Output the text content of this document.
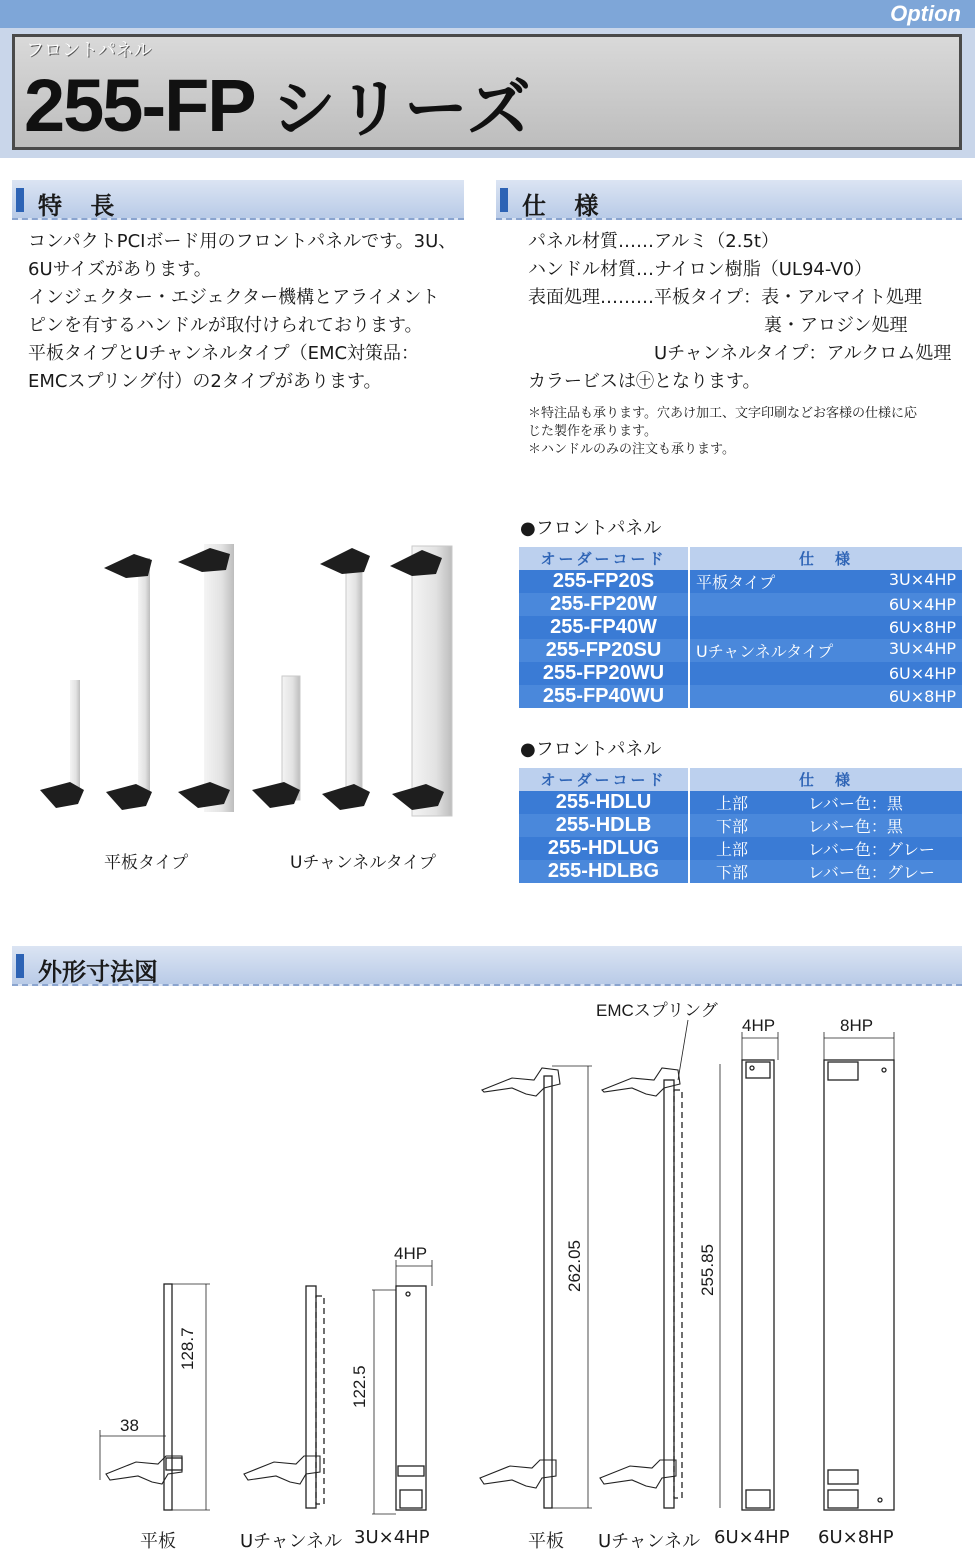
Option
フロントパネル
255-FP シリーズ
特 長
コンパクトPCIボード用のフロントパネルです。3U、
6Uサイズがあります。
インジェクター・エジェクター機構とアライメント
ピンを有するハンドルが取付けられております。
平板タイプとUチャンネルタイプ（EMC対策品：
EMCスプリング付）の2タイプがあります。
仕 様
パネル材質……アルミ（2.5t）
ハンドル材質…ナイロン樹脂（UL94-V0）
表面処理………平板タイプ：表・アルマイト処理
裏・アロジン処理
Uチャンネルタイプ：アルクロム処理
カラービスは㊉となります。
＊特注品も承ります。穴あけ加工、文字印刷などお客様の仕様に応
じた製作を承ります。
＊ハンドルのみの注文も承ります。
●フロントパネル
オーダーコード	仕　様
255-FP20S	平板タイプ 3U×4HP

255-FP20W	6U×4HP

255-FP40W	6U×8HP

255-FP20SU	Uチャンネルタイプ 3U×4HP

255-FP20WU	6U×4HP

255-FP40WU	6U×8HP
●フロントパネル
オーダーコード	仕　様
255-HDLU	上部 レバー色：黒

255-HDLB	下部 レバー色：黒

255-HDLUG	上部 レバー色：グレー

255-HDLBG	下部 レバー色：グレー
平板タイプ	Uチャンネルタイプ
外形寸法図
38
128.7
122.5
262.05	255.85
4HP
4HP	8HP
EMCスプリング
平板	Uチャンネル 3U×4HP	平板 Uチャンネル 6U×4HP 6U×8HP
